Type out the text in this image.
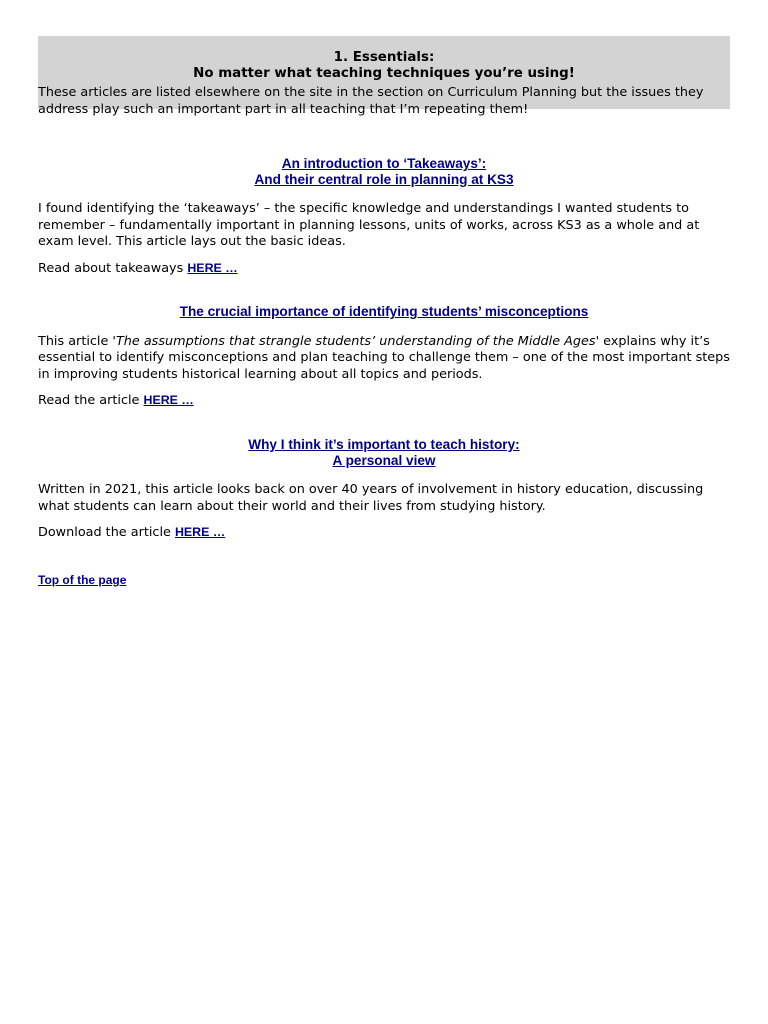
1. Essentials:
No matter what teaching techniques you’re using!

These articles are listed elsewhere on the site in the section on Curriculum Planning but the issues they address play such an important part in all teaching that I’m repeating them!

An introduction to ‘Takeaways’:
And their central role in planning at KS3

I found identifying the ‘takeaways’ – the specific knowledge and understandings I wanted students to remember – fundamentally important in planning lessons, units of works, across KS3 as a whole and at exam level. This article lays out the basic ideas.

Read about takeaways HERE …

The crucial importance of identifying students’ misconceptions

This article 'The assumptions that strangle students’ understanding of the Middle Ages' explains why it’s essential to identify misconceptions and plan teaching to challenge them – one of the most important steps in improving students historical learning about all topics and periods.

Read the article HERE …

Why I think it’s important to teach history:
A personal view

Written in 2021, this article looks back on over 40 years of involvement in history education, discussing what students can learn about their world and their lives from studying history.

Download the article HERE …

Top of the page
